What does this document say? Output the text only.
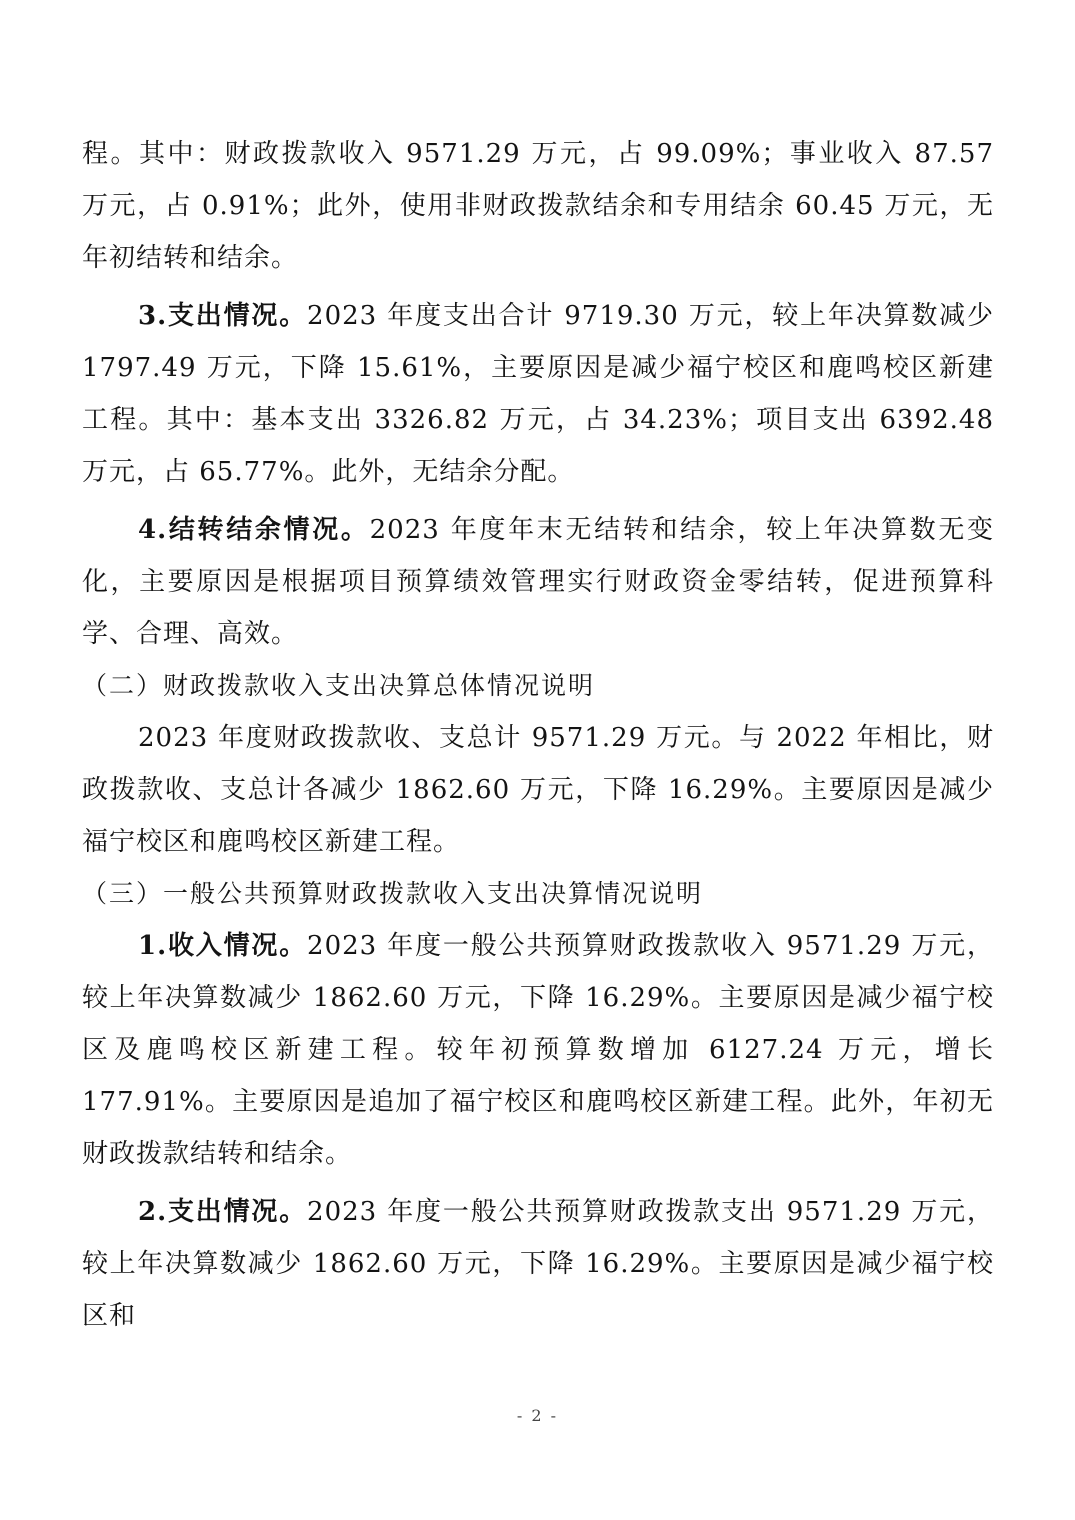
程。其中：财政拨款收入 9571.29 万元，占 99.09%；事业收入 87.57 万元，占 0.91%；此外，使用非财政拨款结余和专用结余 60.45 万元，无年初结转和结余。

3.支出情况。2023 年度支出合计 9719.30 万元，较上年决算数减少 1797.49 万元，下降 15.61%，主要原因是减少福宁校区和鹿鸣校区新建工程。其中：基本支出 3326.82 万元，占 34.23%；项目支出 6392.48 万元，占 65.77%。此外，无结余分配。

4.结转结余情况。2023 年度年末无结转和结余，较上年决算数无变化，主要原因是根据项目预算绩效管理实行财政资金零结转，促进预算科学、合理、高效。

（二）财政拨款收入支出决算总体情况说明

2023 年度财政拨款收、支总计 9571.29 万元。与 2022 年相比，财政拨款收、支总计各减少 1862.60 万元，下降 16.29%。主要原因是减少福宁校区和鹿鸣校区新建工程。

（三）一般公共预算财政拨款收入支出决算情况说明

1.收入情况。2023 年度一般公共预算财政拨款收入 9571.29 万元，较上年决算数减少 1862.60 万元，下降 16.29%。主要原因是减少福宁校区及鹿鸣校区新建工程。较年初预算数增加 6127.24 万元，增长 177.91%。主要原因是追加了福宁校区和鹿鸣校区新建工程。此外，年初无财政拨款结转和结余。

2.支出情况。2023 年度一般公共预算财政拨款支出 9571.29 万元，较上年决算数减少 1862.60 万元，下降 16.29%。主要原因是减少福宁校区和

- 2 -
